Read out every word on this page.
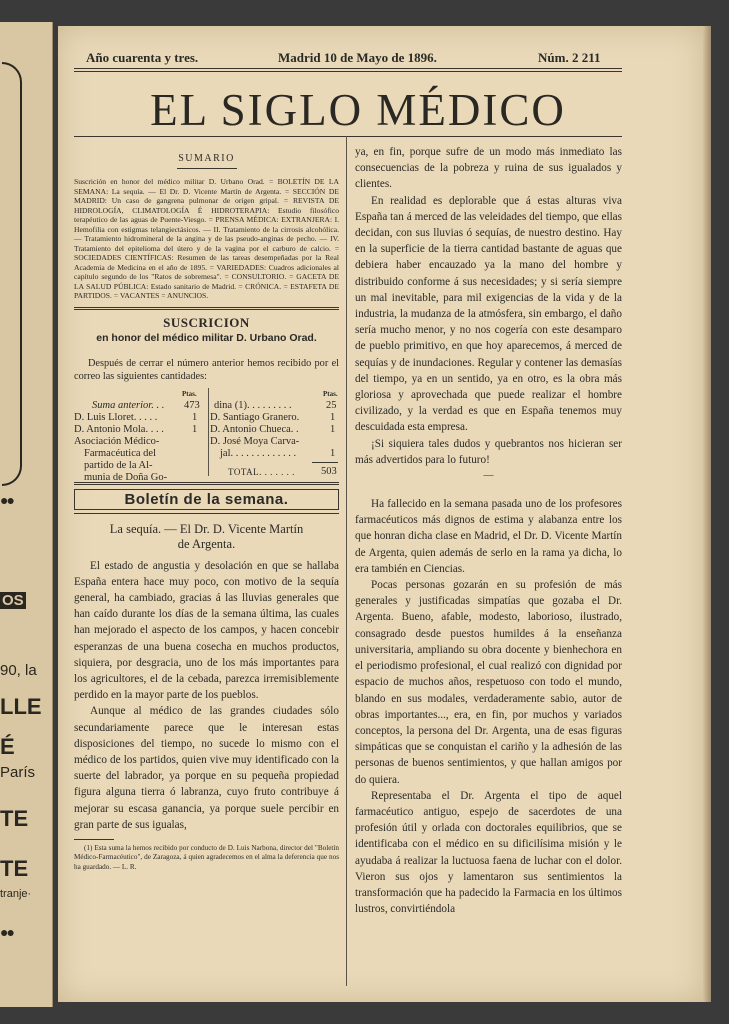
●●
OS
90, la
LLE
É
París
TE
TE
tranje·
●●
Año cuarenta y tres.	Madrid 10 de Mayo de 1896.	Núm. 2 211
EL SIGLO MÉDICO

SUMARIO

Suscrición en honor del médico militar D. Urbano Orad. = BOLETÍN DE LA SEMANA: La sequía. — El Dr. D. Vicente Martín de Argenta. = SECCIÓN DE MADRID: Un caso de gangrena pulmonar de origen gripal. = REVISTA DE HIDROLOGÍA, CLIMATOLOGÍA É HIDROTERAPIA: Estudio filosófico terapéutico de las aguas de Puente-Viesgo. = PRENSA MÉDICA: EXTRANJERA: I. Hemofilia con estigmas telangiectásicos. — II. Tratamiento de la cirrosis alcohólica. — Tratamiento hidromineral de la angina y de las pseudo-anginas de pecho. — IV. Tratamiento del epitelioma del útero y de la vagina por el carburo de calcio. = SOCIEDADES CIENTÍFICAS: Resumen de las tareas desempeñadas por la Real Academia de Medicina en el año de 1895. = VARIEDADES: Cuadros adicionales al capítulo segundo de los "Ratos de sobremesa". = CONSULTORIO. = GACETA DE LA SALUD PÚBLICA: Estado sanitario de Madrid. = CRÓNICA. = ESTAFETA DE PARTIDOS. = VACANTES = ANUNCIOS.

SUSCRICION

en honor del médico militar D. Urbano Orad.

Después de cerrar el número anterior hemos recibido por el correo las siguientes cantidades:

Ptas.	Ptas.
Suma anterior. . . 473
D. Luis Lloret. . . . .	1
D. Antonio Mola. . . .	1
Asociación Médico-
Farmacéutica del
partido de la Al-
munia de Doña Go-
dina (1). . . . . . . . .	25
D. Santiago Granero.	1
D. Antonio Chueca. .	1
D. José Moya Carva-
jal. . . . . . . . . . . . .	1
TOTAL. . . . . . . 503
Boletín de la semana.

La sequía. — El Dr. D. Vicente Martín

de Argenta.

El estado de angustia y desolación en que se hallaba España entera hace muy poco, con motivo de la sequía general, ha cambiado, gracias á las lluvias generales que han caído durante los días de la semana última, las cuales han mejorado el aspecto de los campos, y hacen concebir esperanzas de una buena cosecha en muchos productos, siquiera, por desgracia, uno de los más importantes para los agricultores, el de la cebada, parezca irremisiblemente perdido en la mayor parte de los pueblos.

Aunque al médico de las grandes ciudades sólo secundariamente parece que le interesan estas disposiciones del tiempo, no sucede lo mismo con el médico de los partidos, quien vive muy identificado con la suerte del labrador, ya porque en su pequeña propiedad figura alguna tierra ó labranza, cuyo fruto contribuye á mejorar su escasa ganancia, ya porque suele percibir en gran parte de sus igualas,

(1) Esta suma la hemos recibido por conducto de D. Luis Narbona, director del "Boletín Médico-Farmacéutico", de Zaragoza, á quien agradecemos en el alma la deferencia que nos ha guardado. — L. R.

ya, en fin, porque sufre de un modo más inmediato las consecuencias de la pobreza y ruina de sus igualados y clientes.

En realidad es deplorable que á estas alturas viva España tan á merced de las veleidades del tiempo, que ellas decidan, con sus lluvias ó sequías, de nuestro destino. Hay en la superficie de la tierra cantidad bastante de aguas que debiera haber encauzado ya la mano del hombre y distribuido conforme á sus necesidades; y si sería siempre un mal inevitable, para mil exigencias de la vida y de la industria, la mudanza de la atmósfera, sin embargo, el daño sería mucho menor, y no nos cogería con este desamparo de pueblo primitivo, en que hoy aparecemos, á merced de sequías y de inundaciones. Regular y contener las demasías del tiempo, ya en un sentido, ya en otro, es la obra más gloriosa y aprovechada que puede realizar el hombre civilizado, y la verdad es que en España tenemos muy descuidada esta empresa.

¡Si siquiera tales dudos y quebrantos nos hicieran ser más advertidos para lo futuro!

—

Ha fallecido en la semana pasada uno de los profesores farmacéuticos más dignos de estima y alabanza entre los que honran dicha clase en Madrid, el Dr. D. Vicente Martín de Argenta, quien además de serlo en la rama ya dicha, lo era también en Ciencias.

Pocas personas gozarán en su profesión de más generales y justificadas simpatías que gozaba el Dr. Argenta. Bueno, afable, modesto, laborioso, ilustrado, consagrado desde puestos humildes á la enseñanza universitaria, ampliando su obra docente y bienhechora en el periodismo profesional, el cual realizó con dignidad por espacio de muchos años, respetuoso con todo el mundo, blando en sus modales, verdaderamente sabio, autor de obras importantes..., era, en fin, por muchos y variados conceptos, la persona del Dr. Argenta, una de esas figuras simpáticas que se conquistan el cariño y la adhesión de las personas de buenos sentimientos, y que hallan amigos por do quiera.

Representaba el Dr. Argenta el tipo de aquel farmacéutico antiguo, espejo de sacerdotes de una profesión útil y orlada con doctorales equilibrios, que se identificaba con el médico en su dificilísima misión y le ayudaba á realizar la luctuosa faena de luchar con el dolor. Vieron sus ojos y lamentaron sus sentimientos la transformación que ha padecido la Farmacia en los últimos lustros, convirtiéndola
